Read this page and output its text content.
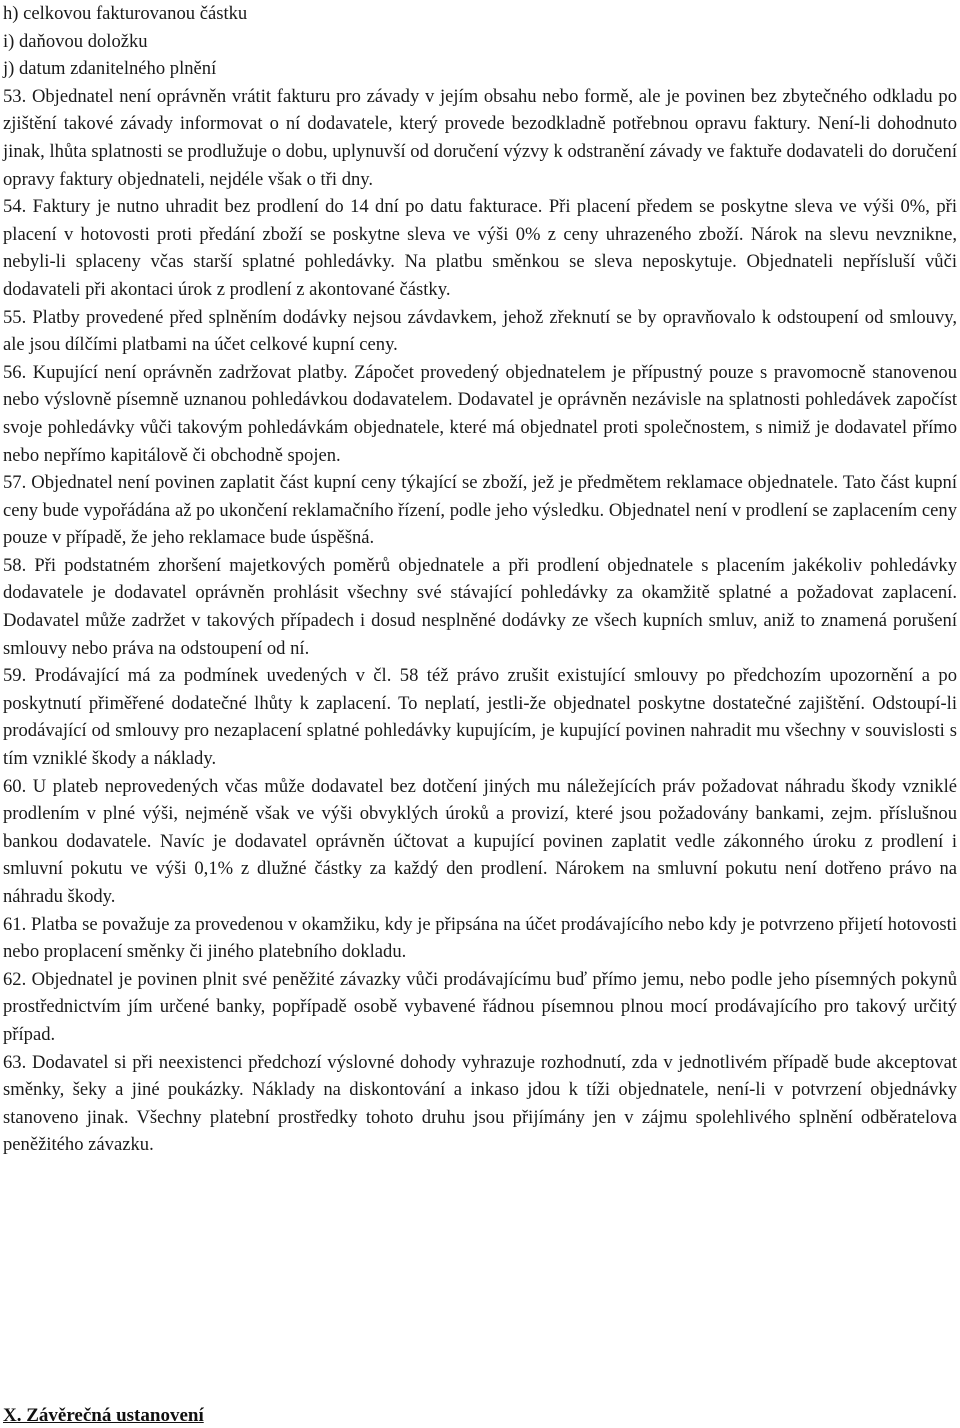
h) celkovou fakturovanou částku
i) daňovou doložku
j) datum zdanitelného plnění

53. Objednatel není oprávněn vrátit fakturu pro závady v jejím obsahu nebo formě, ale je povinen bez zbytečného odkladu po zjištění takové závady informovat o ní dodavatele, který provede bezodkladně potřebnou opravu faktury. Není-li dohodnuto jinak, lhůta splatnosti se prodlužuje o dobu, uplynuvší od doručení výzvy k odstranění závady ve faktuře dodavateli do doručení opravy faktury objednateli, nejdéle však o tři dny.

54. Faktury je nutno uhradit bez prodlení do 14 dní po datu fakturace. Při placení předem se poskytne sleva ve výši 0%, při placení v hotovosti proti předání zboží se poskytne sleva ve výši 0% z ceny uhrazeného zboží. Nárok na slevu nevznikne, nebyli-li splaceny včas starší splatné pohledávky. Na platbu směnkou se sleva neposkytuje. Objednateli nepřísluší vůči dodavateli při akontaci úrok z prodlení z akontované částky.

55. Platby provedené před splněním dodávky nejsou závdavkem, jehož zřeknutí se by opravňovalo k odstoupení od smlouvy, ale jsou dílčími platbami na účet celkové kupní ceny.

56. Kupující není oprávněn zadržovat platby. Zápočet provedený objednatelem je přípustný pouze s pravomocně stanovenou nebo výslovně písemně uznanou pohledávkou dodavatelem. Dodavatel je oprávněn nezávisle na splatnosti pohledávek započíst svoje pohledávky vůči takovým pohledávkám objednatele, které má objednatel proti společnostem, s nimiž je dodavatel přímo nebo nepřímo kapitálově či obchodně spojen.

57. Objednatel není povinen zaplatit část kupní ceny týkající se zboží, jež je předmětem reklamace objednatele. Tato část kupní ceny bude vypořádána až po ukončení reklamačního řízení, podle jeho výsledku. Objednatel není v prodlení se zaplacením ceny pouze v případě, že jeho reklamace bude úspěšná.

58. Při podstatném zhoršení majetkových poměrů objednatele a při prodlení objednatele s placením jakékoliv pohledávky dodavatele je dodavatel oprávněn prohlásit všechny své stávající pohledávky za okamžitě splatné a požadovat zaplacení. Dodavatel může zadržet v takových případech i dosud nesplněné dodávky ze všech kupních smluv, aniž to znamená porušení smlouvy nebo práva na odstoupení od ní.

59. Prodávající má za podmínek uvedených v čl. 58 též právo zrušit existující smlouvy po předchozím upozornění a po poskytnutí přiměřené dodatečné lhůty k zaplacení. To neplatí, jestli-že objednatel poskytne dostatečné zajištění. Odstoupí-li prodávající od smlouvy pro nezaplacení splatné pohledávky kupujícím, je kupující povinen nahradit mu všechny v souvislosti s tím vzniklé škody a náklady.

60. U plateb neprovedených včas může dodavatel bez dotčení jiných mu náležejících práv požadovat náhradu škody vzniklé prodlením v plné výši, nejméně však ve výši obvyklých úroků a provizí, které jsou požadovány bankami, zejm. příslušnou bankou dodavatele. Navíc je dodavatel oprávněn účtovat a kupující povinen zaplatit vedle zákonného úroku z prodlení i smluvní pokutu ve výši 0,1% z dlužné částky za každý den prodlení. Nárokem na smluvní pokutu není dotřeno právo na náhradu škody.

61. Platba se považuje za provedenou v okamžiku, kdy je připsána na účet prodávajícího nebo kdy je potvrzeno přijetí hotovosti nebo proplacení směnky či jiného platebního dokladu.

62. Objednatel je povinen plnit své peněžité závazky vůči prodávajícímu buď přímo jemu, nebo podle jeho písemných pokynů prostřednictvím jím určené banky, popřípadě osobě vybavené řádnou písemnou plnou mocí prodávajícího pro takový určitý případ.

63. Dodavatel si při neexistenci předchozí výslovné dohody vyhrazuje rozhodnutí, zda v jednotlivém případě bude akceptovat směnky, šeky a jiné poukázky. Náklady na diskontování a inkaso jdou k tíži objednatele, není-li v potvrzení objednávky stanoveno jinak. Všechny platební prostředky tohoto druhu jsou přijímány jen v zájmu spolehlivého splnění odběratelova peněžitého závazku.

X. Závěrečná ustanovení
